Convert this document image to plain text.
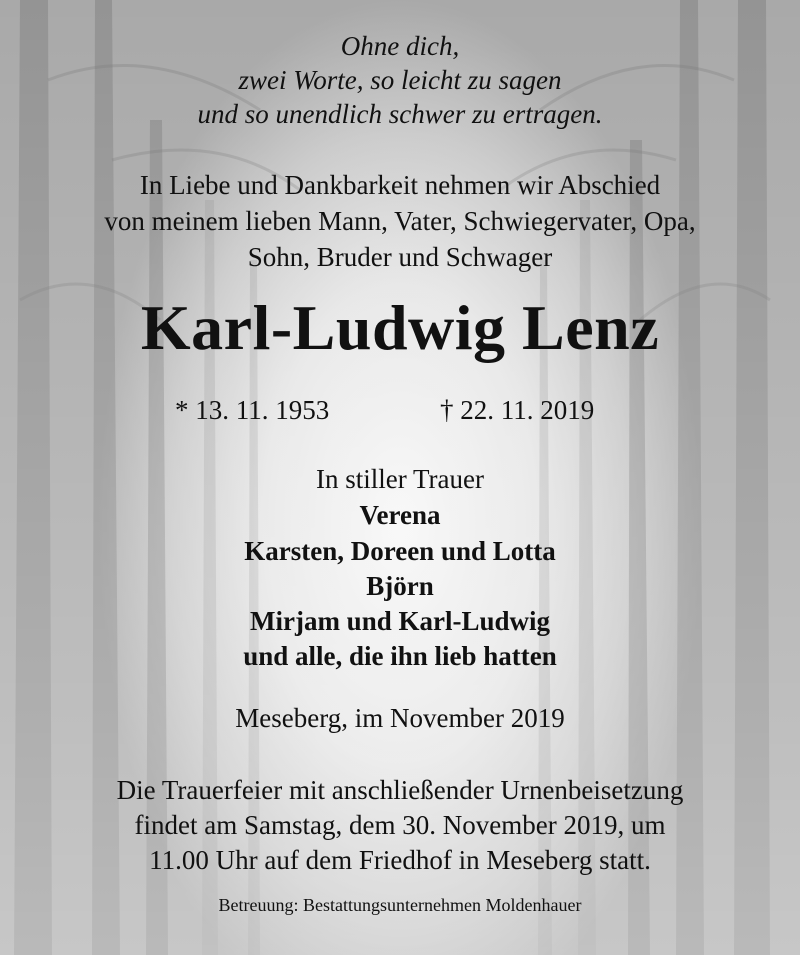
Ohne dich,
zwei Worte, so leicht zu sagen
und so unendlich schwer zu ertragen.
In Liebe und Dankbarkeit nehmen wir Abschied
von meinem lieben Mann, Vater, Schwiegervater, Opa,
Sohn, Bruder und Schwager
Karl-Ludwig Lenz
* 13. 11. 1953	† 22. 11. 2019
In stiller Trauer
Verena
Karsten, Doreen und Lotta
Björn
Mirjam und Karl-Ludwig
und alle, die ihn lieb hatten
Meseberg, im November 2019
Die Trauerfeier mit anschließender Urnenbeisetzung
findet am Samstag, dem 30. November 2019, um
11.00 Uhr auf dem Friedhof in Meseberg statt.
Betreuung: Bestattungsunternehmen Moldenhauer
